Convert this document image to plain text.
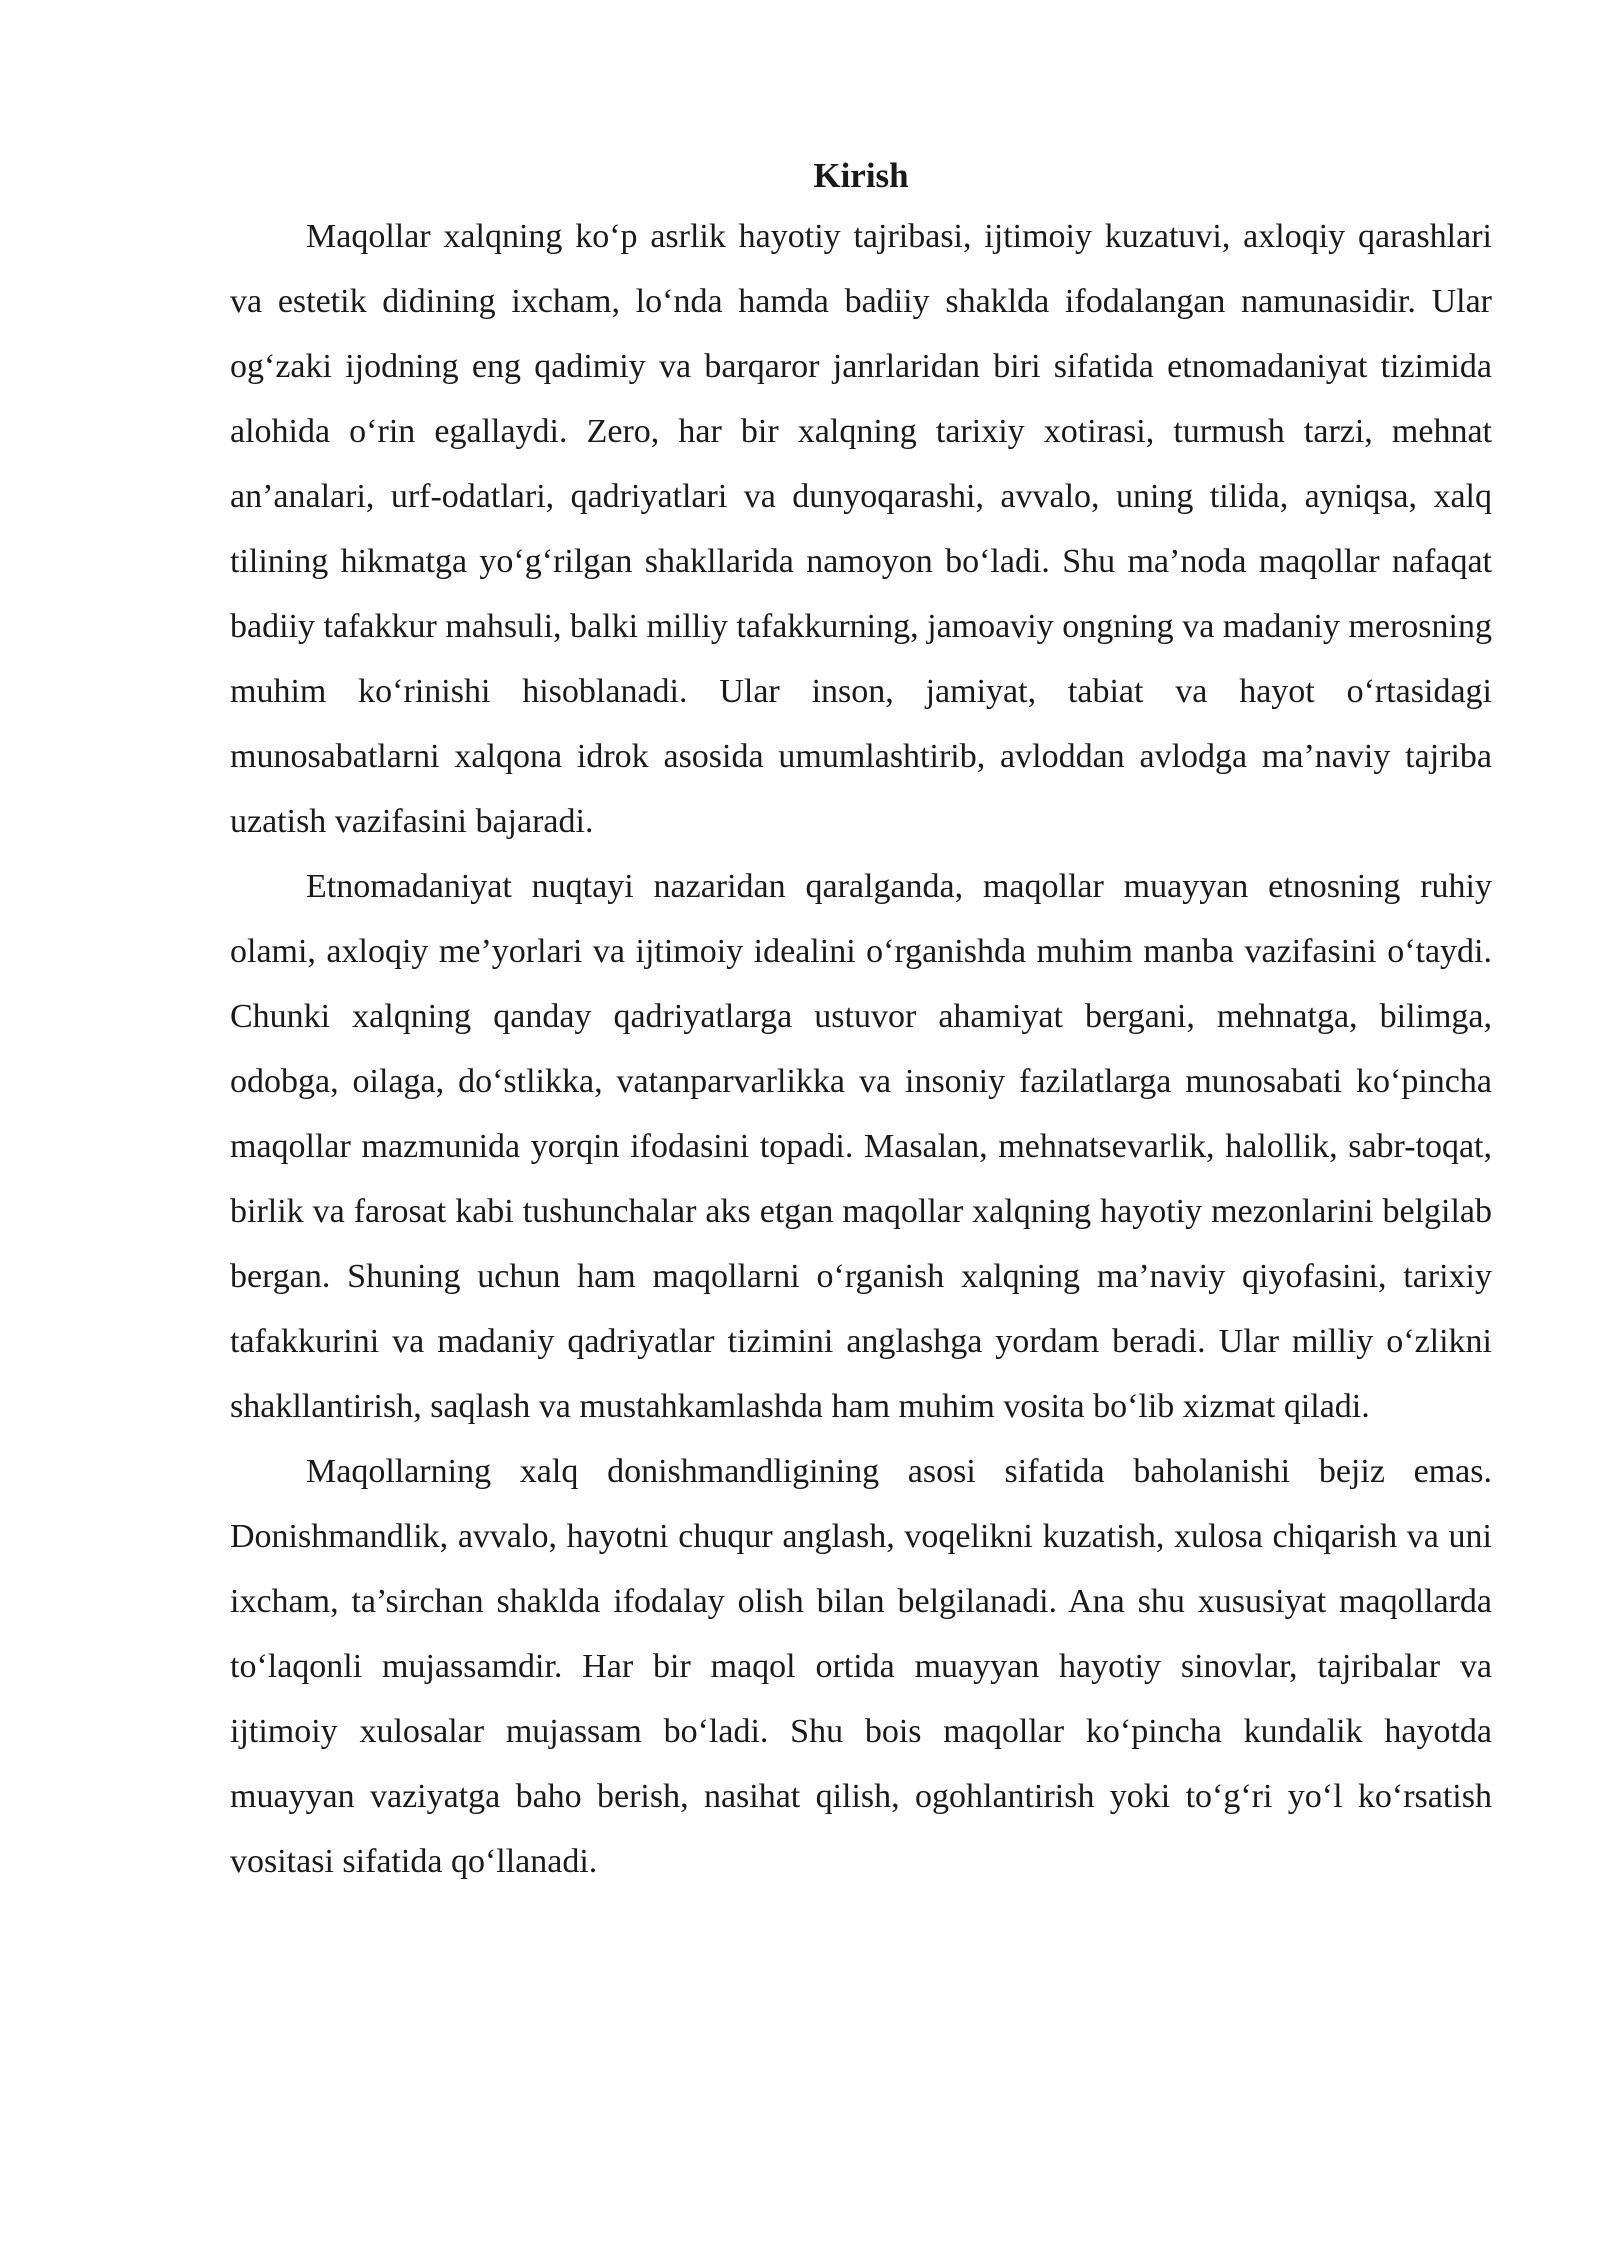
Kirish

Maqollar xalqning ko‘p asrlik hayotiy tajribasi, ijtimoiy kuzatuvi, axloqiy qarashlari va estetik didining ixcham, lo‘nda hamda badiiy shaklda ifodalangan namunasidir. Ular og‘zaki ijodning eng qadimiy va barqaror janrlaridan biri sifatida etnomadaniyat tizimida alohida o‘rin egallaydi. Zero, har bir xalqning tarixiy xotirasi, turmush tarzi, mehnat an’analari, urf-odatlari, qadriyatlari va dunyoqarashi, avvalo, uning tilida, ayniqsa, xalq tilining hikmatga yo‘g‘rilgan shakllarida namoyon bo‘ladi. Shu ma’noda maqollar nafaqat badiiy tafakkur mahsuli, balki milliy tafakkurning, jamoaviy ongning va madaniy merosning muhim ko‘rinishi hisoblanadi. Ular inson, jamiyat, tabiat va hayot o‘rtasidagi munosabatlarni xalqona idrok asosida umumlashtirib, avloddan avlodga ma’naviy tajriba uzatish vazifasini bajaradi.

Etnomadaniyat nuqtayi nazaridan qaralganda, maqollar muayyan etnosning ruhiy olami, axloqiy me’yorlari va ijtimoiy idealini o‘rganishda muhim manba vazifasini o‘taydi. Chunki xalqning qanday qadriyatlarga ustuvor ahamiyat bergani, mehnatga, bilimga, odobga, oilaga, do‘stlikka, vatanparvarlikka va insoniy fazilatlarga munosabati ko‘pincha maqollar mazmunida yorqin ifodasini topadi. Masalan, mehnatsevarlik, halollik, sabr-toqat, birlik va farosat kabi tushunchalar aks etgan maqollar xalqning hayotiy mezonlarini belgilab bergan. Shuning uchun ham maqollarni o‘rganish xalqning ma’naviy qiyofasini, tarixiy tafakkurini va madaniy qadriyatlar tizimini anglashga yordam beradi. Ular milliy o‘zlikni shakllantirish, saqlash va mustahkamlashda ham muhim vosita bo‘lib xizmat qiladi.

Maqollarning xalq donishmandligining asosi sifatida baholanishi bejiz emas. Donishmandlik, avvalo, hayotni chuqur anglash, voqelikni kuzatish, xulosa chiqarish va uni ixcham, ta’sirchan shaklda ifodalay olish bilan belgilanadi. Ana shu xususiyat maqollarda to‘laqonli mujassamdir. Har bir maqol ortida muayyan hayotiy sinovlar, tajribalar va ijtimoiy xulosalar mujassam bo‘ladi. Shu bois maqollar ko‘pincha kundalik hayotda muayyan vaziyatga baho berish, nasihat qilish, ogohlantirish yoki to‘g‘ri yo‘l ko‘rsatish vositasi sifatida qo‘llanadi.
